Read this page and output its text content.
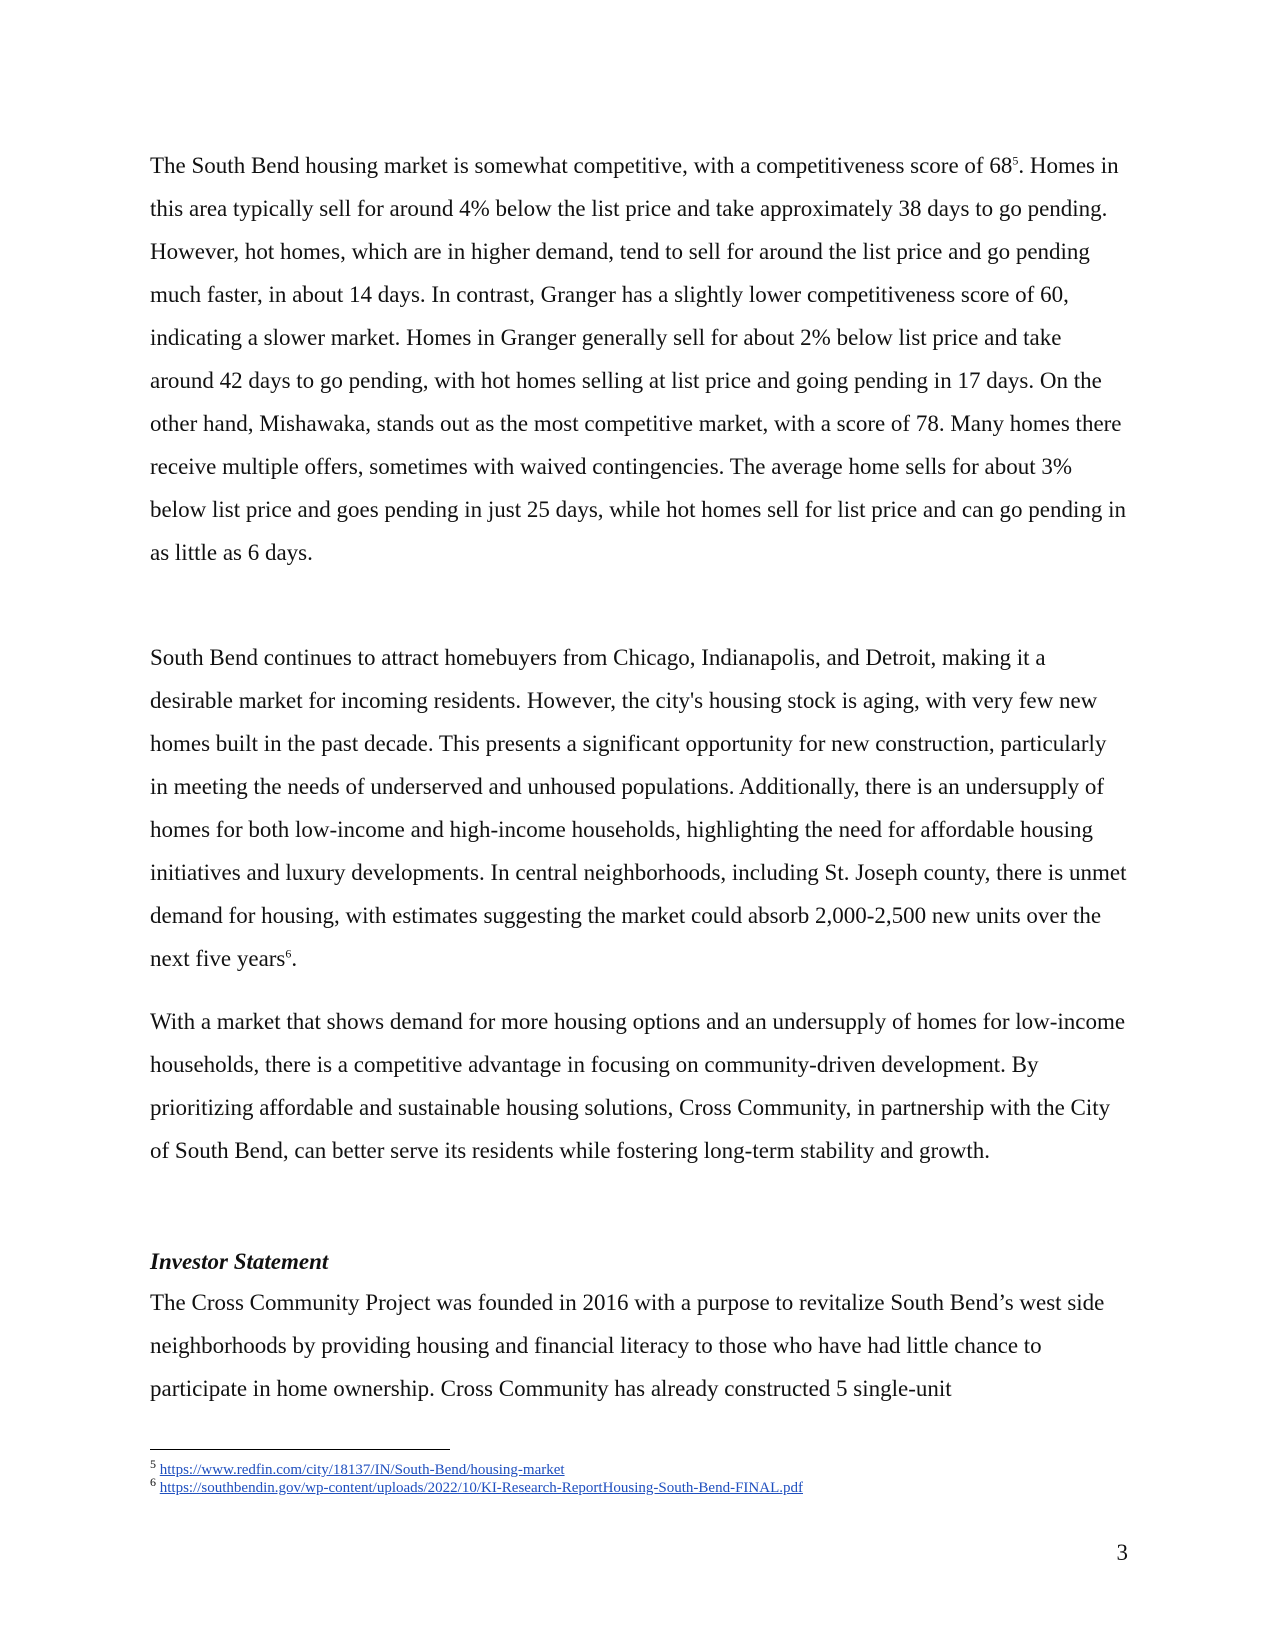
The South Bend housing market is somewhat competitive, with a competitiveness score of $68^5$. Homes in this area typically sell for around 4% below the list price and take approximately 38 days to go pending. However, hot homes, which are in higher demand, tend to sell for around the list price and go pending much faster, in about 14 days. In contrast, Granger has a slightly lower competitiveness score of 60, indicating a slower market. Homes in Granger generally sell for about 2% below list price and take around 42 days to go pending, with hot homes selling at list price and going pending in 17 days. On the other hand, Mishawaka, stands out as the most competitive market, with a score of 78. Many homes there receive multiple offers, sometimes with waived contingencies. The average home sells for about 3% below list price and goes pending in just 25 days, while hot homes sell for list price and can go pending in as little as 6 days.

South Bend continues to attract homebuyers from Chicago, Indianapolis, and Detroit, making it a desirable market for incoming residents. However, the city's housing stock is aging, with very few new homes built in the past decade. This presents a significant opportunity for new construction, particularly in meeting the needs of underserved and unhoused populations. Additionally, there is an undersupply of homes for both low-income and high-income households, highlighting the need for affordable housing initiatives and luxury developments. In central neighborhoods, including St. Joseph county, there is unmet demand for housing, with estimates suggesting the market could absorb 2,000-2,500 new units over the next five years$^6$.

With a market that shows demand for more housing options and an undersupply of homes for low-income households, there is a competitive advantage in focusing on community-driven development. By prioritizing affordable and sustainable housing solutions, Cross Community, in partnership with the City of South Bend, can better serve its residents while fostering long-term stability and growth.

Investor Statement

The Cross Community Project was founded in 2016 with a purpose to revitalize South Bend’s west side neighborhoods by providing housing and financial literacy to those who have had little chance to participate in home ownership. Cross Community has already constructed 5 single-unit

$^5$ https://www.redfin.com/city/18137/IN/South-Bend/housing-market
$^6$ https://southbendin.gov/wp-content/uploads/2022/10/KI-Research-ReportHousing-South-Bend-FINAL.pdf
3
